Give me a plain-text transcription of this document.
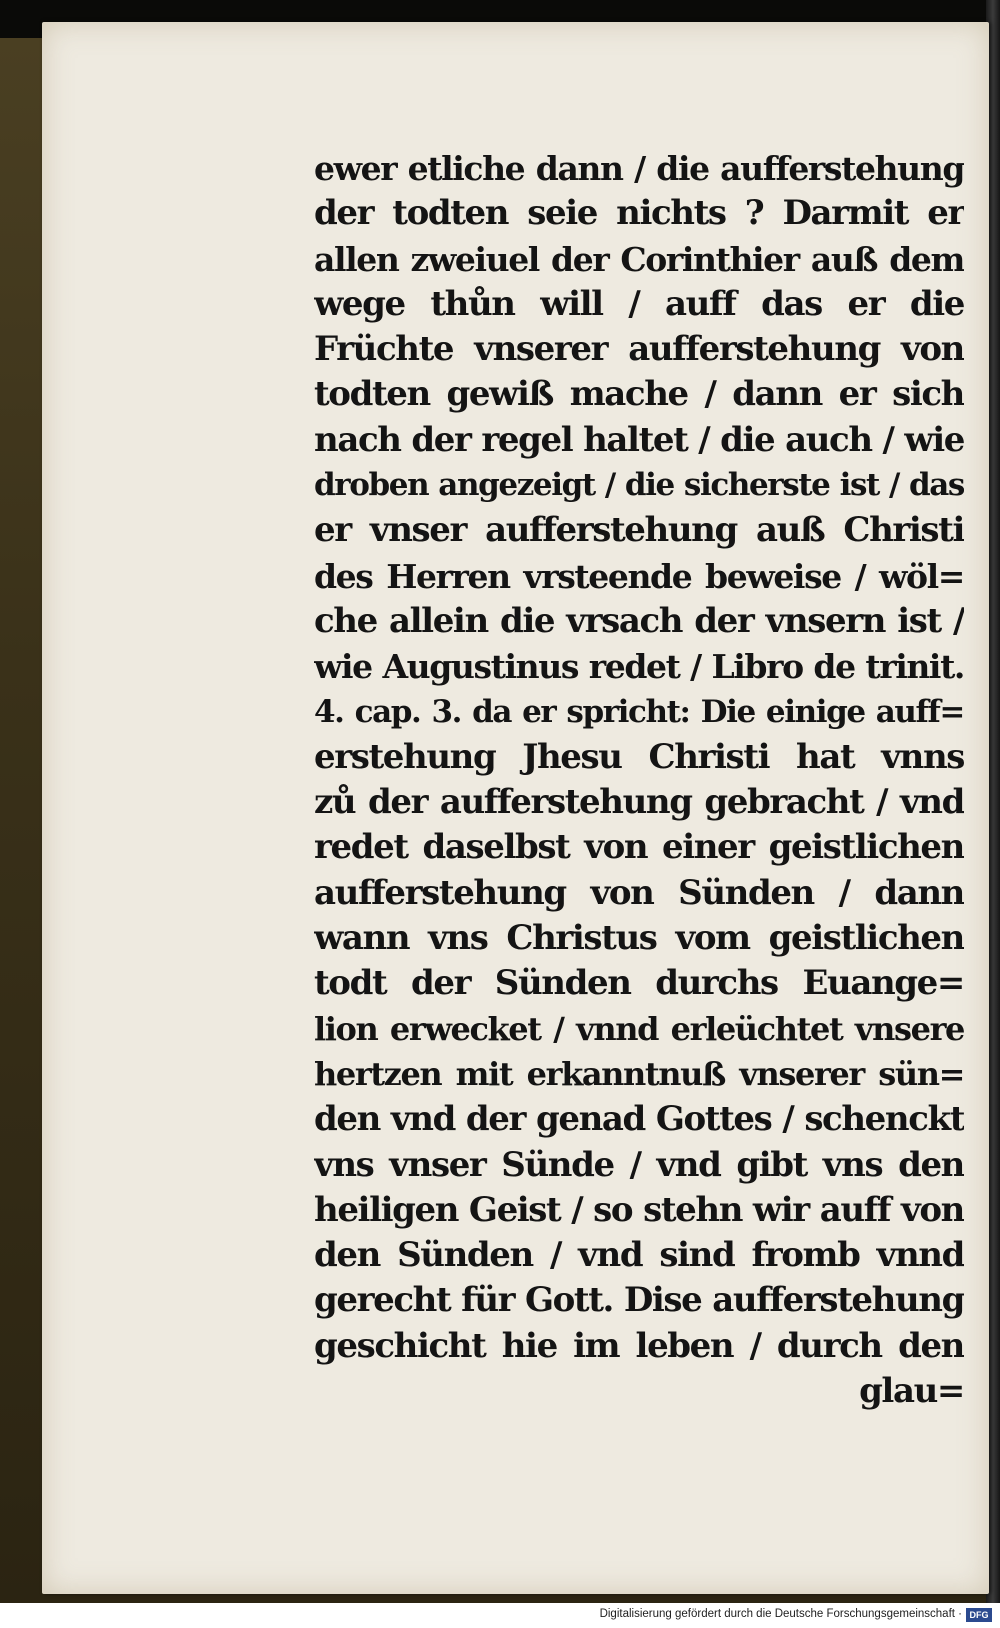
ewer etliche dann / die aufferstehung
der todten seie nichts ? Darmit er
allen zweiuel der Corinthier auß dem
wege thůn will / auff das er die
Früchte vnserer aufferstehung von
todten gewiß mache / dann er sich
nach der regel haltet / die auch / wie
droben angezeigt / die sicherste ist / das
er vnser aufferstehung auß Christi
des Herren vrsteende beweise / wöl=
che allein die vrsach der vnsern ist /
wie Augustinus redet / Libro de trinit.
4. cap. 3. da er spricht: Die einige auff=
erstehung Jhesu Christi hat vnns
zů der aufferstehung gebracht / vnd
redet daselbst von einer geistlichen
aufferstehung von Sünden / dann
wann vns Christus vom geistlichen
todt der Sünden durchs Euange=
lion erwecket / vnnd erleüchtet vnsere
hertzen mit erkanntnuß vnserer sün=
den vnd der genad Gottes / schenckt
vns vnser Sünde / vnd gibt vns den
heiligen Geist / so stehn wir auff von
den Sünden / vnd sind fromb vnnd
gerecht für Gott. Dise aufferstehung
geschicht hie im leben / durch den
glau=
Digitalisierung gefördert durch die Deutsche Forschungsgemeinschaft · DFG
